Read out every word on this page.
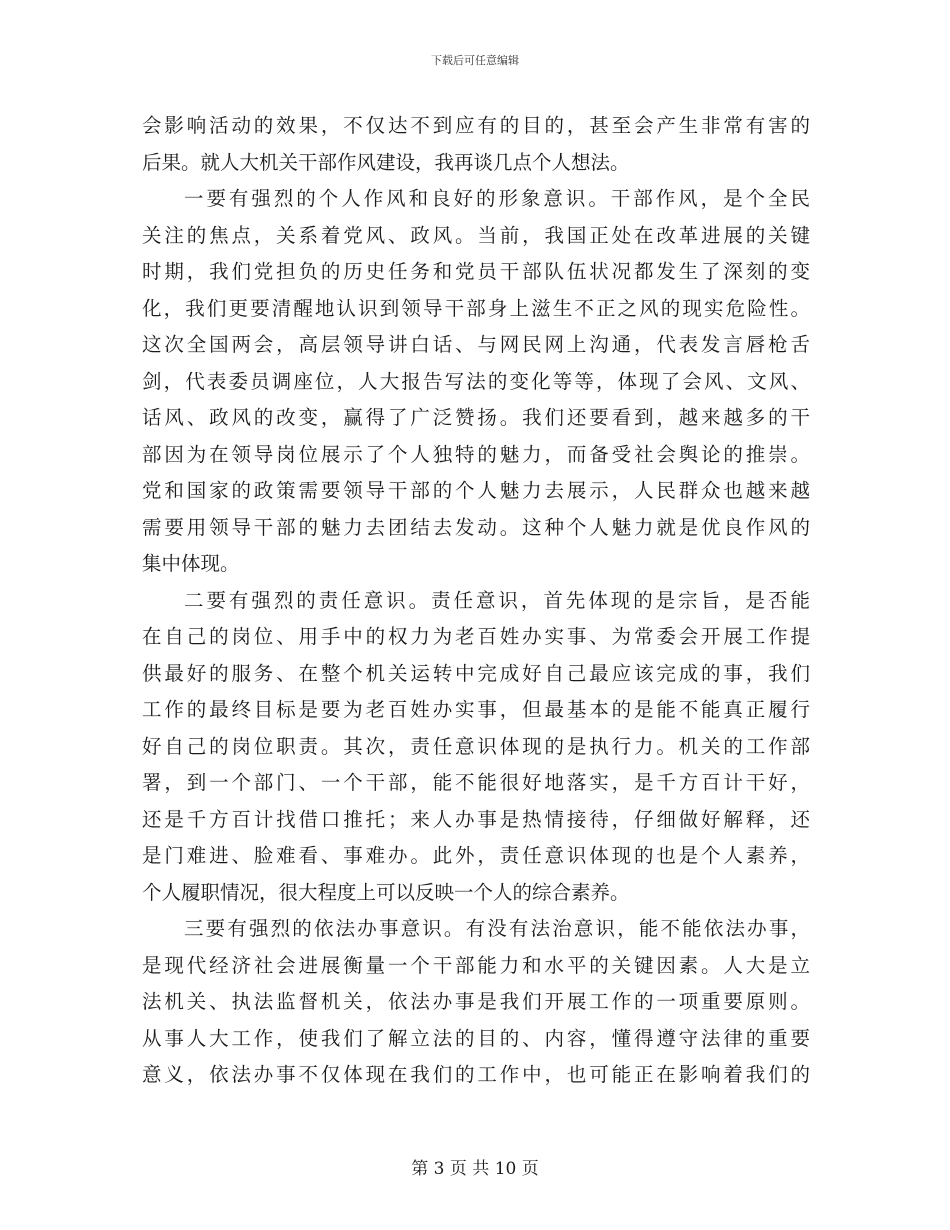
下载后可任意编辑
会影响活动的效果，不仅达不到应有的目的，甚至会产生非常有害的
后果。就人大机关干部作风建设，我再谈几点个人想法。
一要有强烈的个人作风和良好的形象意识。干部作风，是个全民
关注的焦点，关系着党风、政风。当前，我国正处在改革进展的关键
时期，我们党担负的历史任务和党员干部队伍状况都发生了深刻的变
化，我们更要清醒地认识到领导干部身上滋生不正之风的现实危险性。
这次全国两会，高层领导讲白话、与网民网上沟通，代表发言唇枪舌
剑，代表委员调座位，人大报告写法的变化等等，体现了会风、文风、
话风、政风的改变，赢得了广泛赞扬。我们还要看到，越来越多的干
部因为在领导岗位展示了个人独特的魅力，而备受社会舆论的推崇。
党和国家的政策需要领导干部的个人魅力去展示，人民群众也越来越
需要用领导干部的魅力去团结去发动。这种个人魅力就是优良作风的
集中体现。
二要有强烈的责任意识。责任意识，首先体现的是宗旨，是否能
在自己的岗位、用手中的权力为老百姓办实事、为常委会开展工作提
供最好的服务、在整个机关运转中完成好自己最应该完成的事，我们
工作的最终目标是要为老百姓办实事，但最基本的是能不能真正履行
好自己的岗位职责。其次，责任意识体现的是执行力。机关的工作部
署，到一个部门、一个干部，能不能很好地落实，是千方百计干好，
还是千方百计找借口推托；来人办事是热情接待，仔细做好解释，还
是门难进、脸难看、事难办。此外，责任意识体现的也是个人素养，
个人履职情况，很大程度上可以反映一个人的综合素养。
三要有强烈的依法办事意识。有没有法治意识，能不能依法办事，
是现代经济社会进展衡量一个干部能力和水平的关键因素。人大是立
法机关、执法监督机关，依法办事是我们开展工作的一项重要原则。
从事人大工作，使我们了解立法的目的、内容，懂得遵守法律的重要
意义，依法办事不仅体现在我们的工作中，也可能正在影响着我们的
第 3 页 共 10 页
